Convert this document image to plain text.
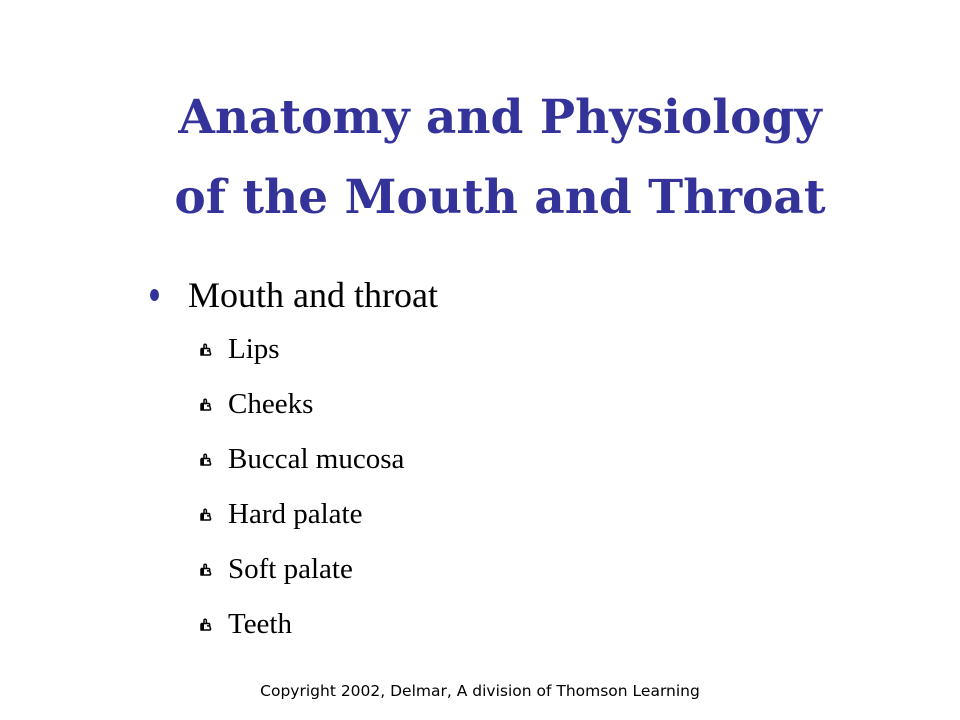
Anatomy and Physiology
of the Mouth and Throat
Mouth and throat
Lips
Cheeks
Buccal mucosa
Hard palate
Soft palate
Teeth
Copyright 2002, Delmar, A division of Thomson Learning
